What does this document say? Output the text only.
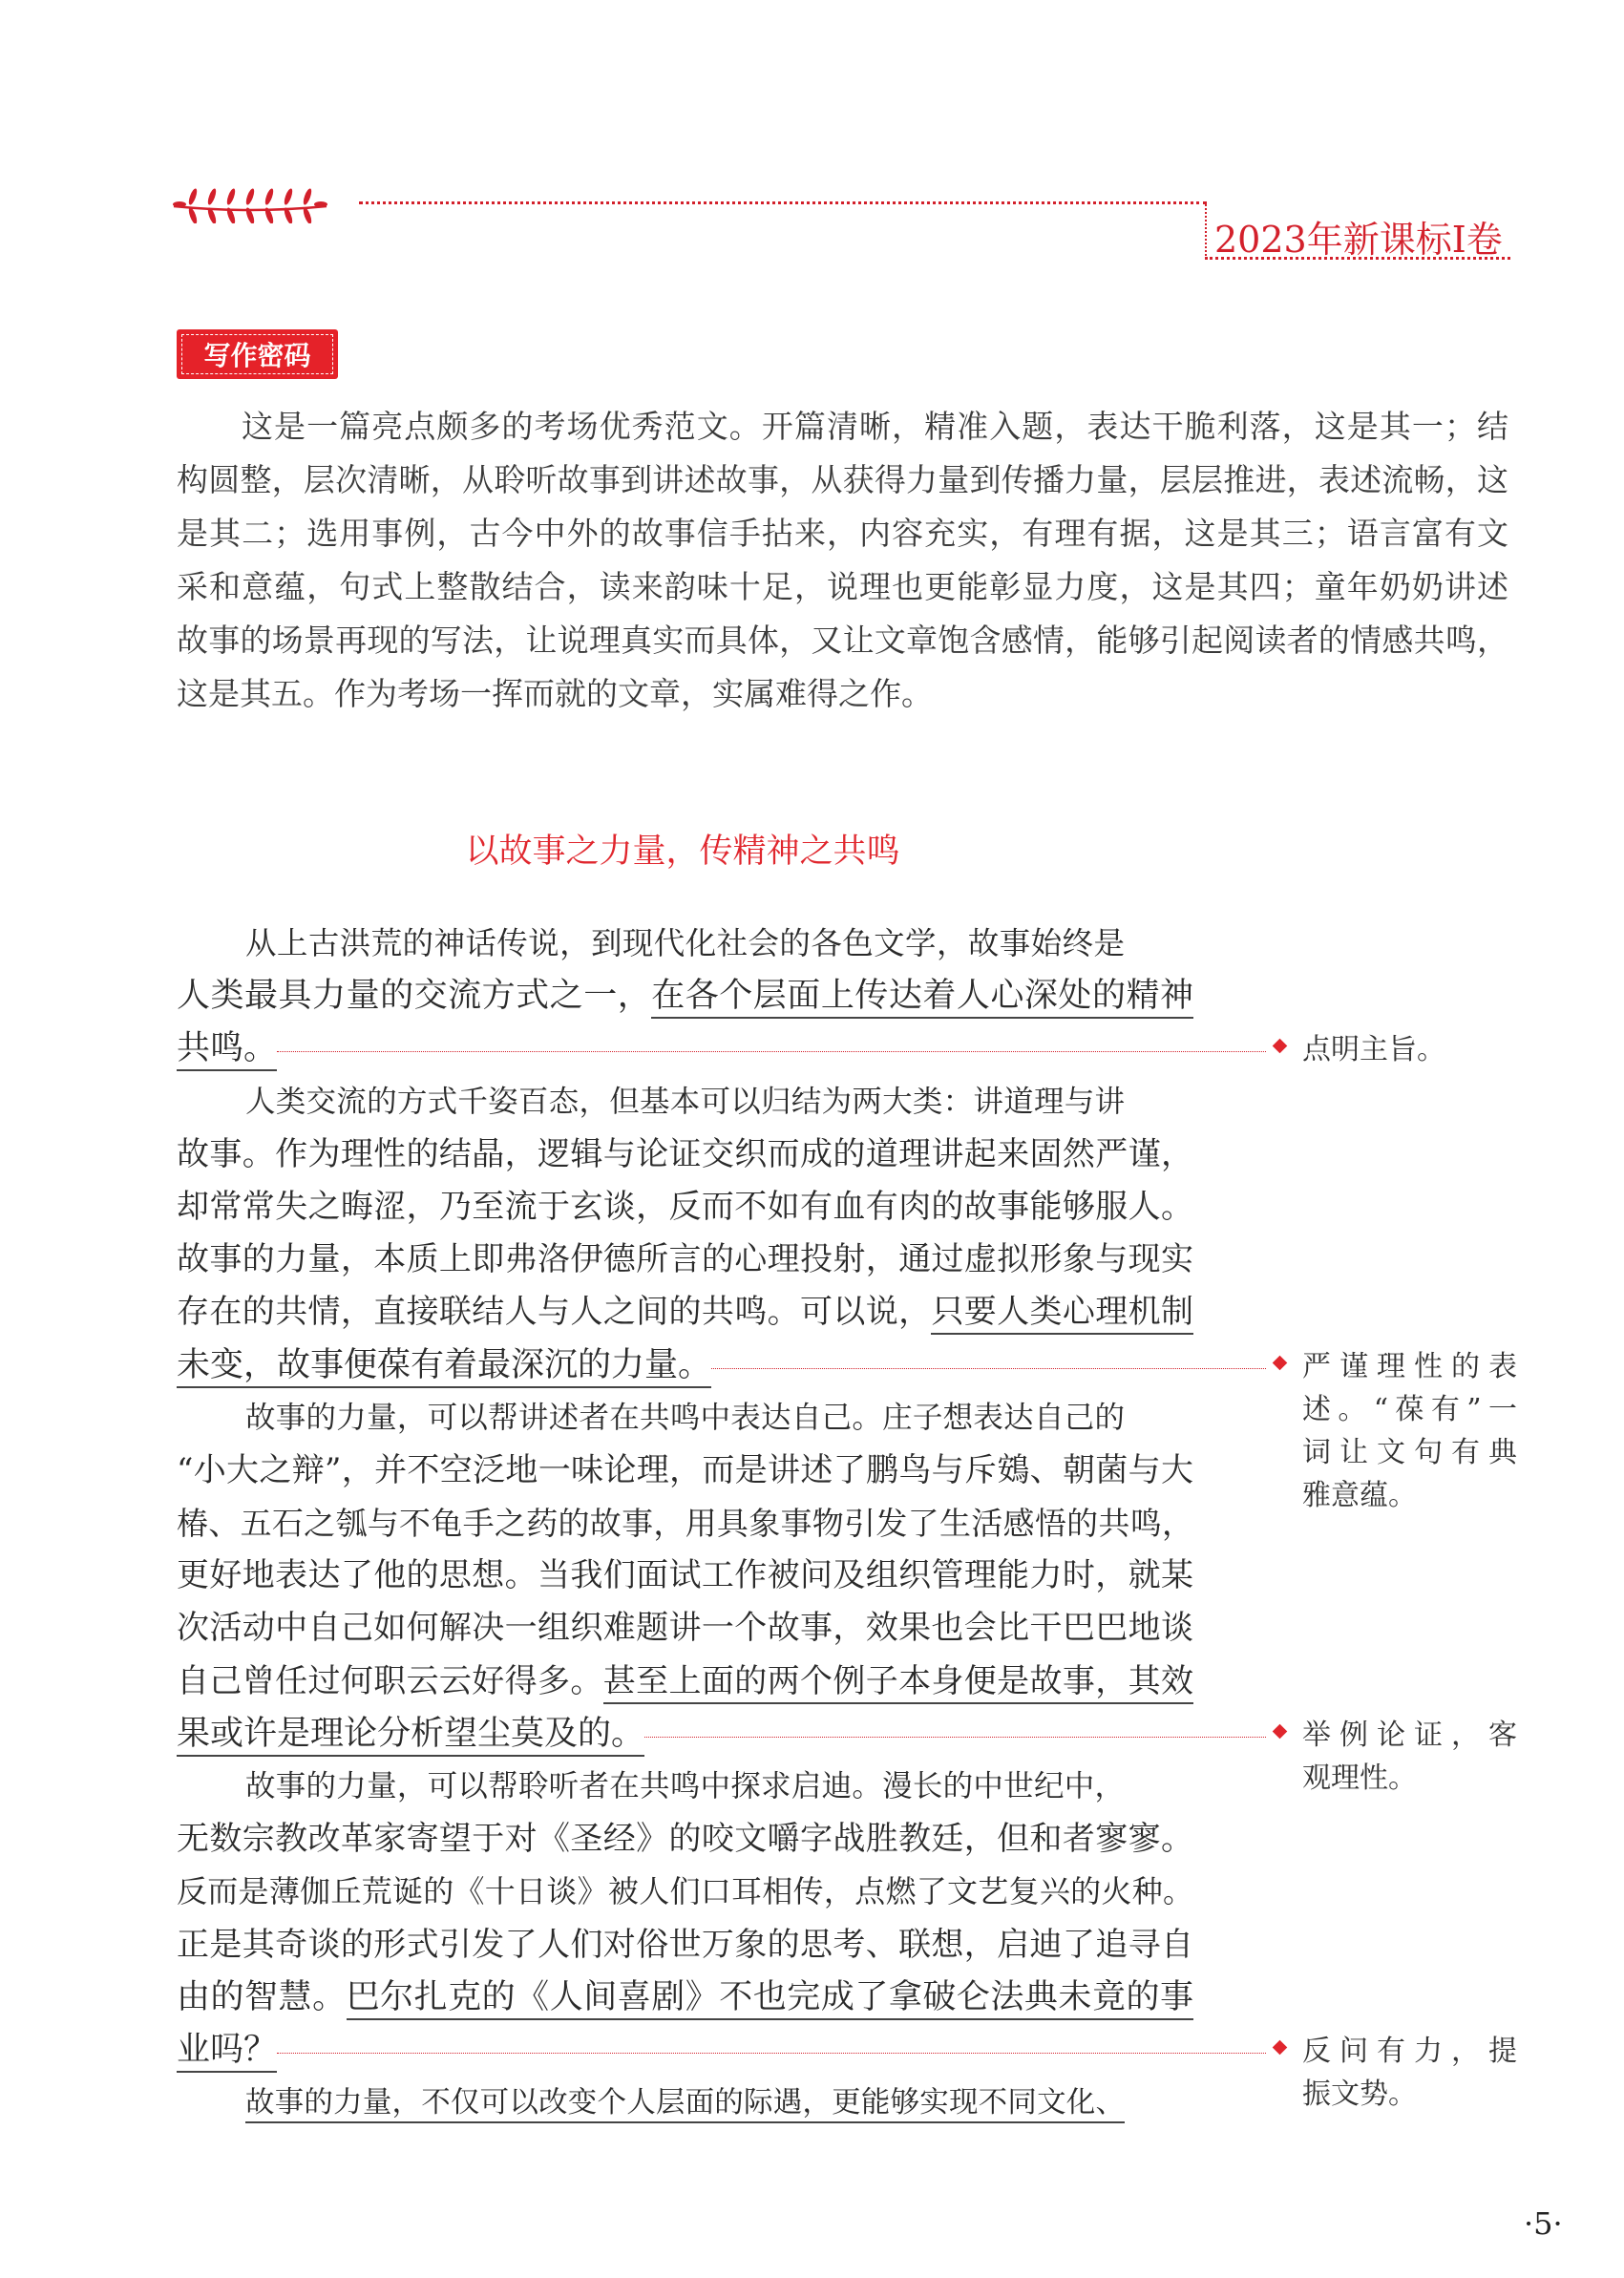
2023年新课标Ⅰ卷
写作密码
这是一篇亮点颇多的考场优秀范文。开篇清晰，精准入题，表达干脆利落，这是其一；结
构圆整，层次清晰，从聆听故事到讲述故事，从获得力量到传播力量，层层推进，表述流畅，这
是其二；选用事例，古今中外的故事信手拈来，内容充实，有理有据，这是其三；语言富有文
采和意蕴，句式上整散结合，读来韵味十足，说理也更能彰显力度，这是其四；童年奶奶讲述
故事的场景再现的写法，让说理真实而具体，又让文章饱含感情，能够引起阅读者的情感共鸣，
这是其五。作为考场一挥而就的文章，实属难得之作。
以故事之力量，传精神之共鸣
从上古洪荒的神话传说，到现代化社会的各色文学，故事始终是
人类最具力量的交流方式之一，在各个层面上传达着人心深处的精神
共鸣。
人类交流的方式千姿百态，但基本可以归结为两大类：讲道理与讲
故事。作为理性的结晶，逻辑与论证交织而成的道理讲起来固然严谨，
却常常失之晦涩，乃至流于玄谈，反而不如有血有肉的故事能够服人。
故事的力量，本质上即弗洛伊德所言的心理投射，通过虚拟形象与现实
存在的共情，直接联结人与人之间的共鸣。可以说，只要人类心理机制
未变，故事便葆有着最深沉的力量。
故事的力量，可以帮讲述者在共鸣中表达自己。庄子想表达自己的
“小大之辩”，并不空泛地一味论理，而是讲述了鹏鸟与斥鴳、朝菌与大
椿、五石之瓠与不龟手之药的故事，用具象事物引发了生活感悟的共鸣，
更好地表达了他的思想。当我们面试工作被问及组织管理能力时，就某
次活动中自己如何解决一组织难题讲一个故事，效果也会比干巴巴地谈
自己曾任过何职云云好得多。甚至上面的两个例子本身便是故事，其效
果或许是理论分析望尘莫及的。
故事的力量，可以帮聆听者在共鸣中探求启迪。漫长的中世纪中，
无数宗教改革家寄望于对《圣经》的咬文嚼字战胜教廷，但和者寥寥。
反而是薄伽丘荒诞的《十日谈》被人们口耳相传，点燃了文艺复兴的火种。
正是其奇谈的形式引发了人们对俗世万象的思考、联想，启迪了追寻自
由的智慧。巴尔扎克的《人间喜剧》不也完成了拿破仑法典未竟的事
业吗？
故事的力量，不仅可以改变个人层面的际遇，更能够实现不同文化、
点明主旨。
严谨理性的表
述。“葆有”一
词让文句有典
雅意蕴。
举例论证，客
观理性。
反问有力，提
振文势。
·5·
